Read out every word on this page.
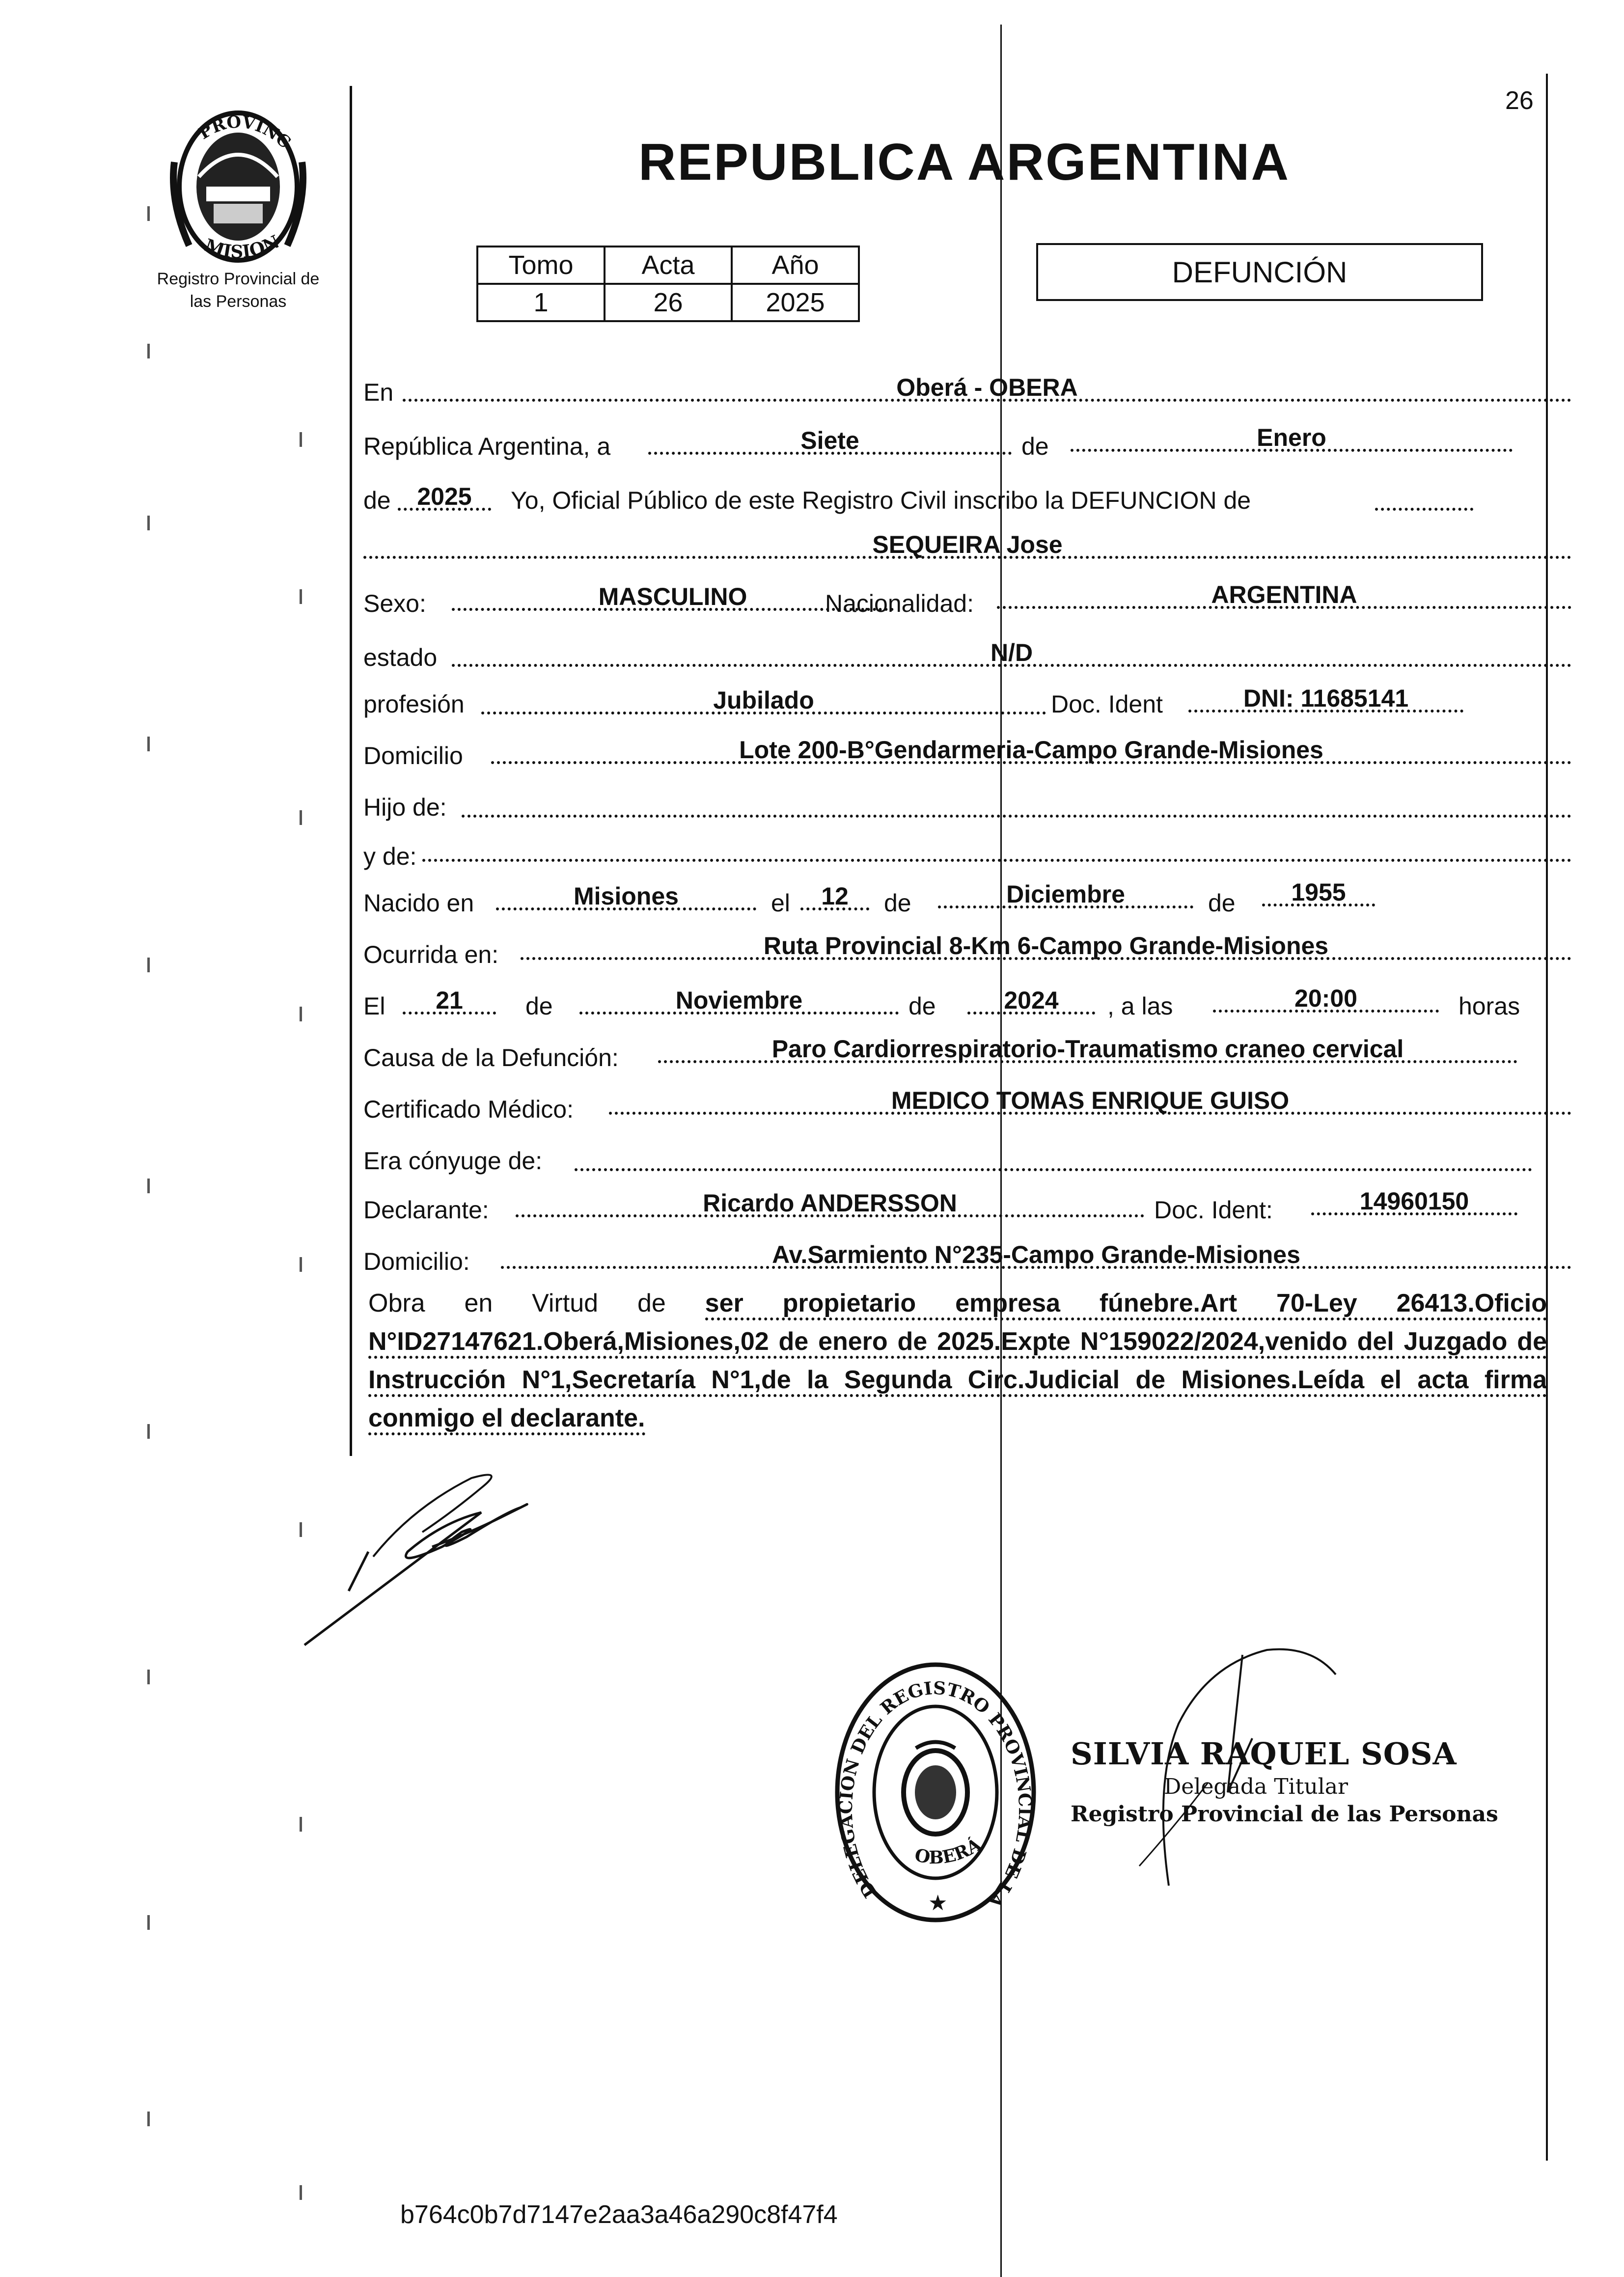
26
PROVINC
MISION
Registro Provincial de
las Personas
REPUBLICA ARGENTINA
Tomo	Acta	Año
1	26	2025
DEFUNCIÓN
En	Oberá - OBERA
República Argentina, a	Siete	de	Enero
de	2025	Yo, Oficial Público de este Registro Civil inscribo la DEFUNCION de
SEQUEIRA Jose
Sexo:	MASCULINO	Nacionalidad:	ARGENTINA
estado	N/D
profesión	Jubilado	Doc. Ident	DNI: 11685141
Domicilio	Lote 200-B°Gendarmeria-Campo Grande-Misiones
Hijo de:
y de:
Nacido en	Misiones	el	12	de	Diciembre	de	1955
Ocurrida en:	Ruta Provincial 8-Km 6-Campo Grande-Misiones
El	21	de	Noviembre	de	2024	, a las	20:00	horas
Causa de la Defunción:	Paro Cardiorrespiratorio-Traumatismo craneo cervical
Certificado Médico:	MEDICO TOMAS ENRIQUE GUISO
Era cónyuge de:
Declarante:	Ricardo ANDERSSON	Doc. Ident:	14960150
Domicilio:	Av.Sarmiento N°235-Campo Grande-Misiones
Obra en Virtud de ser propietario empresa fúnebre.Art 70-Ley 26413.Oficio N°ID27147621.Oberá,Misiones,02 de enero de 2025.Expte N°159022/2024,venido del Juzgado de Instrucción N°1,Secretaría N°1,de la Segunda Circ.Judicial de Misiones.Leída el acta firma conmigo el declarante.
DELEGACION DEL REGISTRO PROVINCIAL DE LA
OBERÁ
★
SILVIA RAQUEL SOSA
Delegada Titular
Registro Provincial de las Personas
b764c0b7d7147e2aa3a46a290c8f47f4
